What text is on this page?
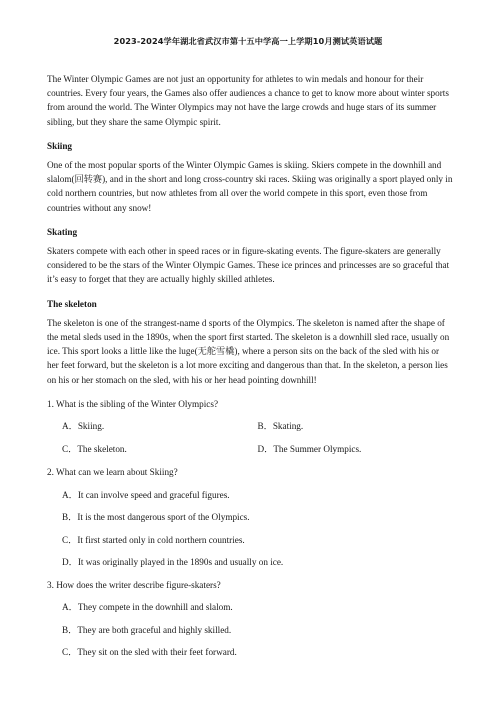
2023-2024学年湖北省武汉市第十五中学高一上学期10月测试英语试题

The Winter Olympic Games are not just an opportunity for athletes to win medals and honour for their countries. Every four years, the Games also offer audiences a chance to get to know more about winter sports from around the world. The Winter Olympics may not have the large crowds and huge stars of its summer sibling, but they share the same Olympic spirit.

Skiing

One of the most popular sports of the Winter Olympic Games is skiing. Skiers compete in the downhill and slalom(回转赛), and in the short and long cross-country ski races. Skiing was originally a sport played only in cold northern countries, but now athletes from all over the world compete in this sport, even those from countries without any snow!

Skating

Skaters compete with each other in speed races or in figure-skating events. The figure-skaters are generally considered to be the stars of the Winter Olympic Games. These ice princes and princesses are so graceful that it’s easy to forget that they are actually highly skilled athletes.

The skeleton

The skeleton is one of the strangest-name d sports of the Olympics. The skeleton is named after the shape of the metal sleds used in the 1890s, when the sport first started. The skeleton is a downhill sled race, usually on ice. This sport looks a little like the luge(无舵雪橇), where a person sits on the back of the sled with his or her feet forward, but the skeleton is a lot more exciting and dangerous than that. In the skeleton, a person lies on his or her stomach on the sled, with his or her head pointing downhill!

1. What is the sibling of the Winter Olympics?

A．Skiing.	B．Skating.
C．The skeleton.	D．The Summer Olympics.

2. What can we learn about Skiing?

A．It can involve speed and graceful figures.

B．It is the most dangerous sport of the Olympics.

C．It first started only in cold northern countries.

D．It was originally played in the 1890s and usually on ice.

3. How does the writer describe figure-skaters?

A．They compete in the downhill and slalom.

B．They are both graceful and highly skilled.

C．They sit on the sled with their feet forward.
